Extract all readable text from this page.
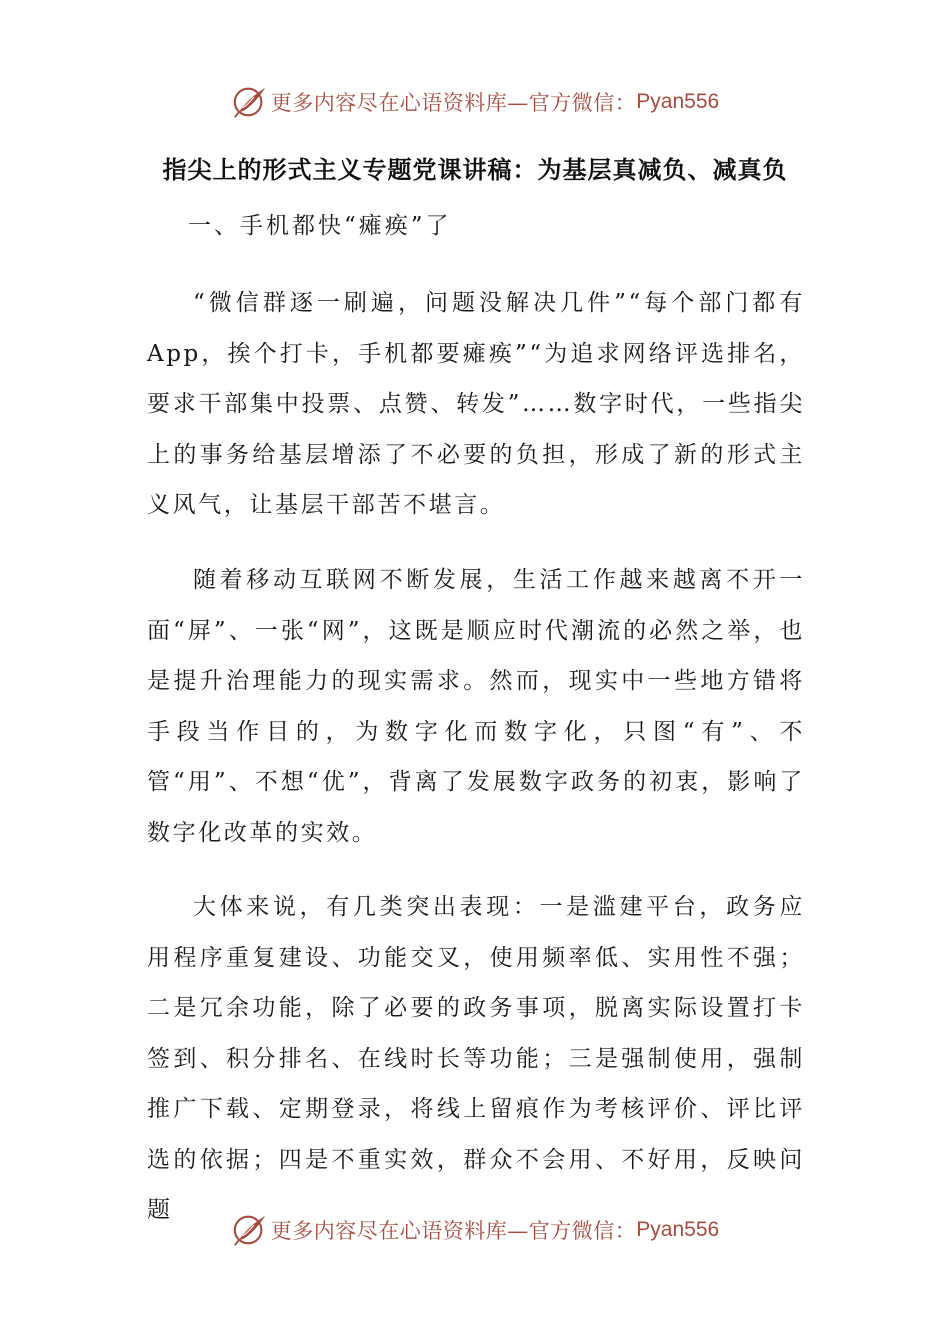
更多内容尽在心语资料库—官方微信： Pyan556
指尖上的形式主义专题党课讲稿：为基层真减负、减真负
一、手机都快“瘫痪”了

“微信群逐一刷遍，问题没解决几件”“每个部门都有App，挨个打卡，手机都要瘫痪”“为追求网络评选排名，要求干部集中投票、点赞、转发”……数字时代，一些指尖上的事务给基层增添了不必要的负担，形成了新的形式主义风气，让基层干部苦不堪言。

随着移动互联网不断发展，生活工作越来越离不开一面“屏”、一张“网”，这既是顺应时代潮流的必然之举，也是提升治理能力的现实需求。然而，现实中一些地方错将手段当作目的，为数字化而数字化，只图“有”、不管“用”、不想“优”，背离了发展数字政务的初衷，影响了数字化改革的实效。

大体来说，有几类突出表现：一是滥建平台，政务应用程序重复建设、功能交叉，使用频率低、实用性不强；二是冗余功能，除了必要的政务事项，脱离实际设置打卡签到、积分排名、在线时长等功能；三是强制使用，强制推广下载、定期登录，将线上留痕作为考核评价、评比评选的依据；四是不重实效，群众不会用、不好用，反映问题

更多内容尽在心语资料库—官方微信： Pyan556
